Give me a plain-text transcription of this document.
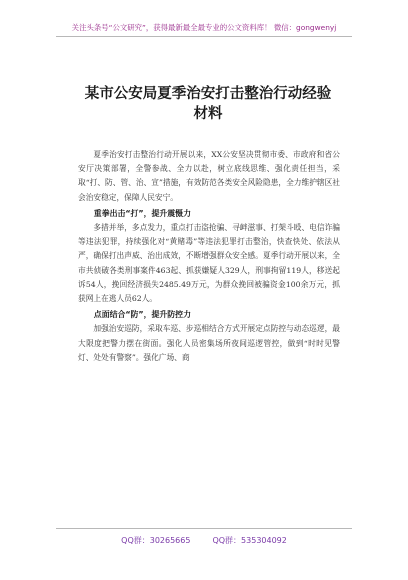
关注头条号“公文研究”，获得最新最全最专业的公文资料库！ 微信：gongwenyj
某市公安局夏季治安打击整治行动经验材料

夏季治安打击整治行动开展以来，XX公安坚决贯彻市委、市政府和省公安厅决策部署，全警参战、全力以赴，树立底线思维、强化责任担当，采取“打、防、管、治、宣”措施，有效防范各类安全风险隐患，全力维护辖区社会治安稳定，保障人民安宁。

重拳出击“打”，提升震慑力

多措并举，多点发力，重点打击盗抢骗、寻衅滋事、打架斗殴、电信诈骗等违法犯罪，持续强化对“黄赌毒”等违法犯罪打击整治，快查快处、依法从严，确保打出声威、治出成效，不断增强群众安全感。夏季行动开展以来，全市共侦破各类刑事案件463起、抓获嫌疑人329人，刑事拘留119人，移送起诉54人，挽回经济损失2485.49万元，为群众挽回被骗资金100余万元，抓获网上在逃人员62人。

点面结合“防”，提升防控力

加强治安巡防，采取车巡、步巡相结合方式开展定点防控与动态巡逻，最大限度把警力摆在街面。强化人员密集场所夜间巡逻管控，做到“时时见警灯、处处有警察”。强化广场、商

QQ群：30265665	QQ群：535304092
